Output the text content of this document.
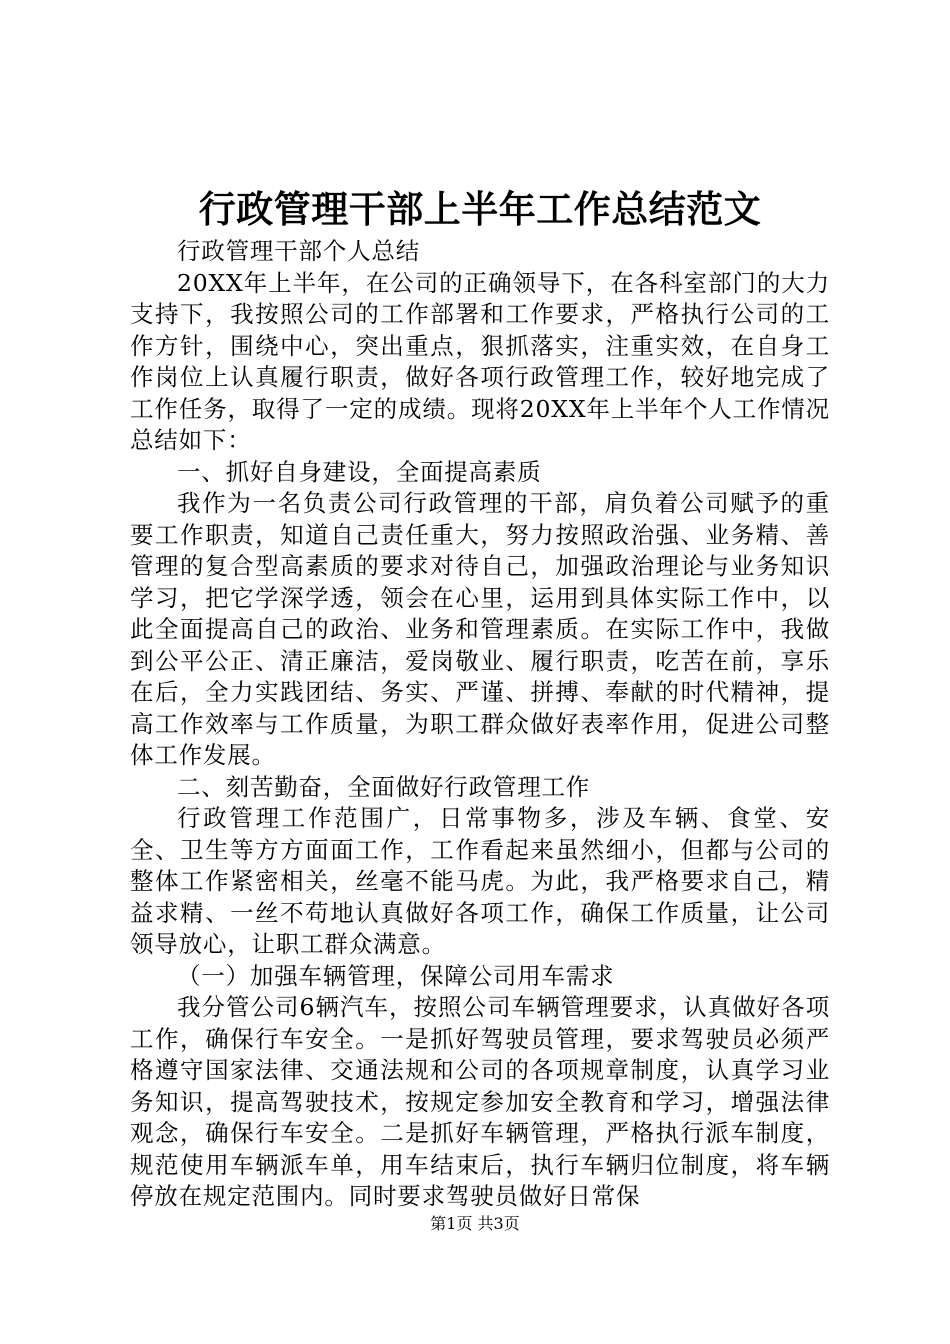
行政管理干部上半年工作总结范文

行政管理干部个人总结

20XX年上半年，在公司的正确领导下，在各科室部门的大力支持下，我按照公司的工作部署和工作要求，严格执行公司的工作方针，围绕中心，突出重点，狠抓落实，注重实效，在自身工作岗位上认真履行职责，做好各项行政管理工作，较好地完成了工作任务，取得了一定的成绩。现将20XX年上半年个人工作情况总结如下：

一、抓好自身建设，全面提高素质

我作为一名负责公司行政管理的干部，肩负着公司赋予的重要工作职责，知道自己责任重大，努力按照政治强、业务精、善管理的复合型高素质的要求对待自己，加强政治理论与业务知识学习，把它学深学透，领会在心里，运用到具体实际工作中，以此全面提高自己的政治、业务和管理素质。在实际工作中，我做到公平公正、清正廉洁，爱岗敬业、履行职责，吃苦在前，享乐在后，全力实践团结、务实、严谨、拼搏、奉献的时代精神，提高工作效率与工作质量，为职工群众做好表率作用，促进公司整体工作发展。

二、刻苦勤奋，全面做好行政管理工作

行政管理工作范围广，日常事物多，涉及车辆、食堂、安全、卫生等方方面面工作，工作看起来虽然细小，但都与公司的整体工作紧密相关，丝毫不能马虎。为此，我严格要求自己，精益求精、一丝不苟地认真做好各项工作，确保工作质量，让公司领导放心，让职工群众满意。

（一）加强车辆管理，保障公司用车需求

我分管公司6辆汽车，按照公司车辆管理要求，认真做好各项工作，确保行车安全。一是抓好驾驶员管理，要求驾驶员必须严格遵守国家法律、交通法规和公司的各项规章制度，认真学习业务知识，提高驾驶技术，按规定参加安全教育和学习，增强法律观念，确保行车安全。二是抓好车辆管理，严格执行派车制度，规范使用车辆派车单，用车结束后，执行车辆归位制度，将车辆停放在规定范围内。同时要求驾驶员做好日常保

第1页 共3页
